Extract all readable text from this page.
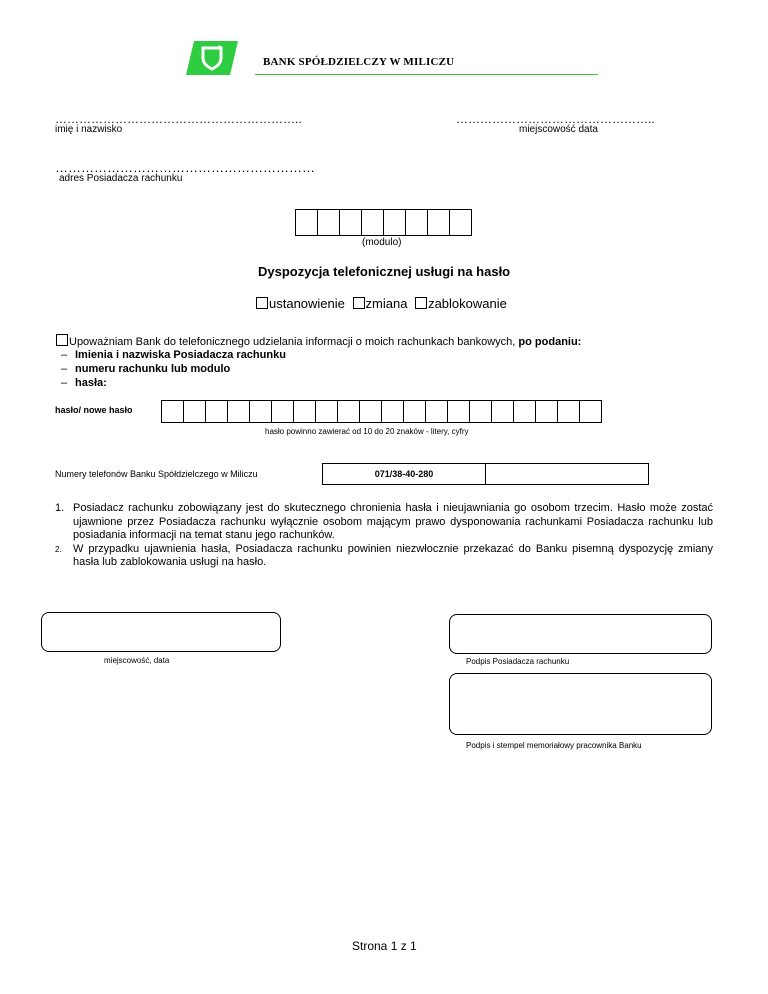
BANK SPÓŁDZIELCZY W MILICZU
……………………………………………………..
imię i nazwisko
…………………………………………..
miejscowość data
……………………………………………………
adres Posiadacza rachunku
(modulo)
Dyspozycja telefonicznej usługi na hasło
ustanowienie zmiana zablokowanie
Upoważniam Bank do telefonicznego udzielania informacji o moich rachunkach bankowych, po podaniu:
– Imienia i nazwiska Posiadacza rachunku
– numeru rachunku lub modulo
– hasła:
hasło/ nowe hasło
hasło powinno zawierać od 10 do 20 znaków - litery, cyfry
Numery telefonów Banku Spółdzielczego w Miliczu	071/38-40-280
1. Posiadacz rachunku zobowiązany jest do skutecznego chronienia hasła i nieujawniania go osobom trzecim. Hasło może zostać ujawnione przez Posiadacza rachunku wyłącznie osobom mającym prawo dysponowania rachunkami Posiadacza rachunku lub posiadania informacji na temat stanu jego rachunków.
2. W przypadku ujawnienia hasła, Posiadacza rachunku powinien niezwłocznie przekazać do Banku pisemną dyspozycję zmiany hasła lub zablokowania usługi na hasło.
miejscowość, data	Podpis Posiadacza rachunku
Podpis i stempel memoriałowy pracownika Banku
Strona 1 z 1
